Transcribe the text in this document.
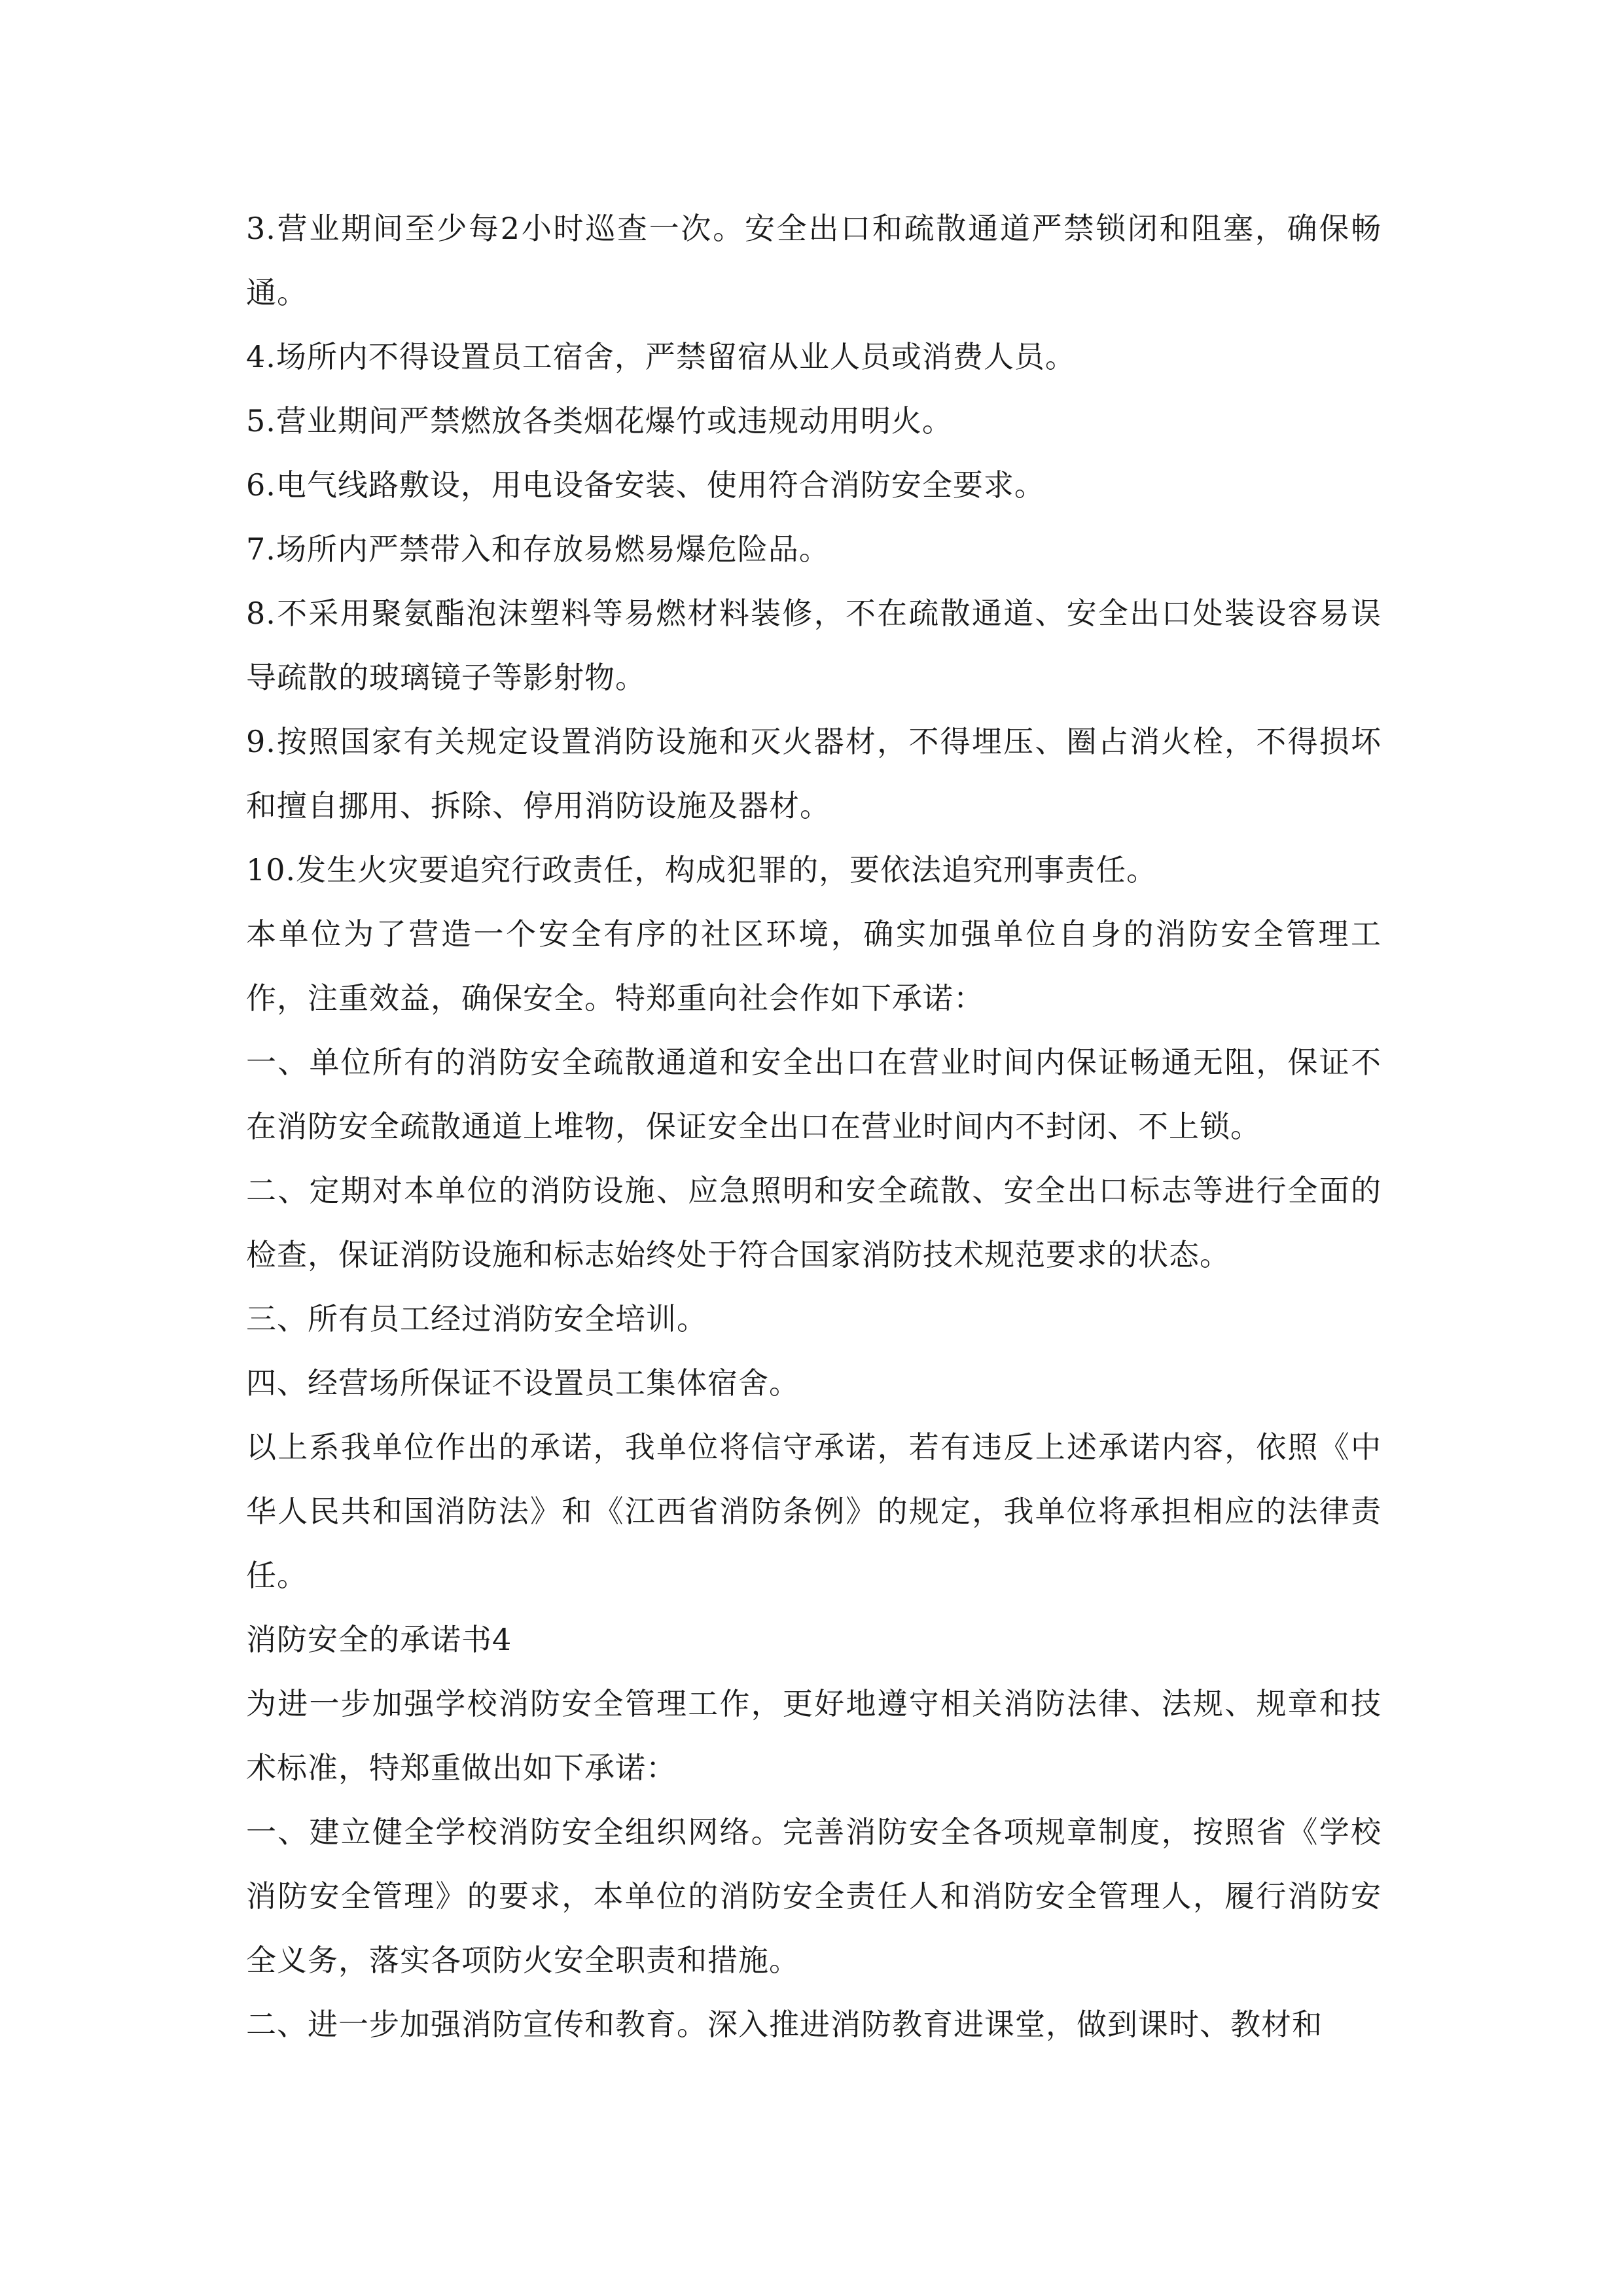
3.营业期间至少每2小时巡查一次。安全出口和疏散通道严禁锁闭和阻塞，确保畅通。

4.场所内不得设置员工宿舍，严禁留宿从业人员或消费人员。

5.营业期间严禁燃放各类烟花爆竹或违规动用明火。

6.电气线路敷设，用电设备安装、使用符合消防安全要求。

7.场所内严禁带入和存放易燃易爆危险品。

8.不采用聚氨酯泡沫塑料等易燃材料装修，不在疏散通道、安全出口处装设容易误导疏散的玻璃镜子等影射物。

9.按照国家有关规定设置消防设施和灭火器材，不得埋压、圈占消火栓，不得损坏和擅自挪用、拆除、停用消防设施及器材。

10.发生火灾要追究行政责任，构成犯罪的，要依法追究刑事责任。

本单位为了营造一个安全有序的社区环境，确实加强单位自身的消防安全管理工作，注重效益，确保安全。特郑重向社会作如下承诺：

一、单位所有的消防安全疏散通道和安全出口在营业时间内保证畅通无阻，保证不在消防安全疏散通道上堆物，保证安全出口在营业时间内不封闭、不上锁。

二、定期对本单位的消防设施、应急照明和安全疏散、安全出口标志等进行全面的检查，保证消防设施和标志始终处于符合国家消防技术规范要求的状态。

三、所有员工经过消防安全培训。

四、经营场所保证不设置员工集体宿舍。

以上系我单位作出的承诺，我单位将信守承诺，若有违反上述承诺内容，依照《中华人民共和国消防法》和《江西省消防条例》的规定，我单位将承担相应的法律责任。

消防安全的承诺书4

为进一步加强学校消防安全管理工作，更好地遵守相关消防法律、法规、规章和技术标准，特郑重做出如下承诺：

一、建立健全学校消防安全组织网络。完善消防安全各项规章制度，按照省《学校消防安全管理》的要求，本单位的消防安全责任人和消防安全管理人，履行消防安全义务，落实各项防火安全职责和措施。

二、进一步加强消防宣传和教育。深入推进消防教育进课堂，做到课时、教材和
